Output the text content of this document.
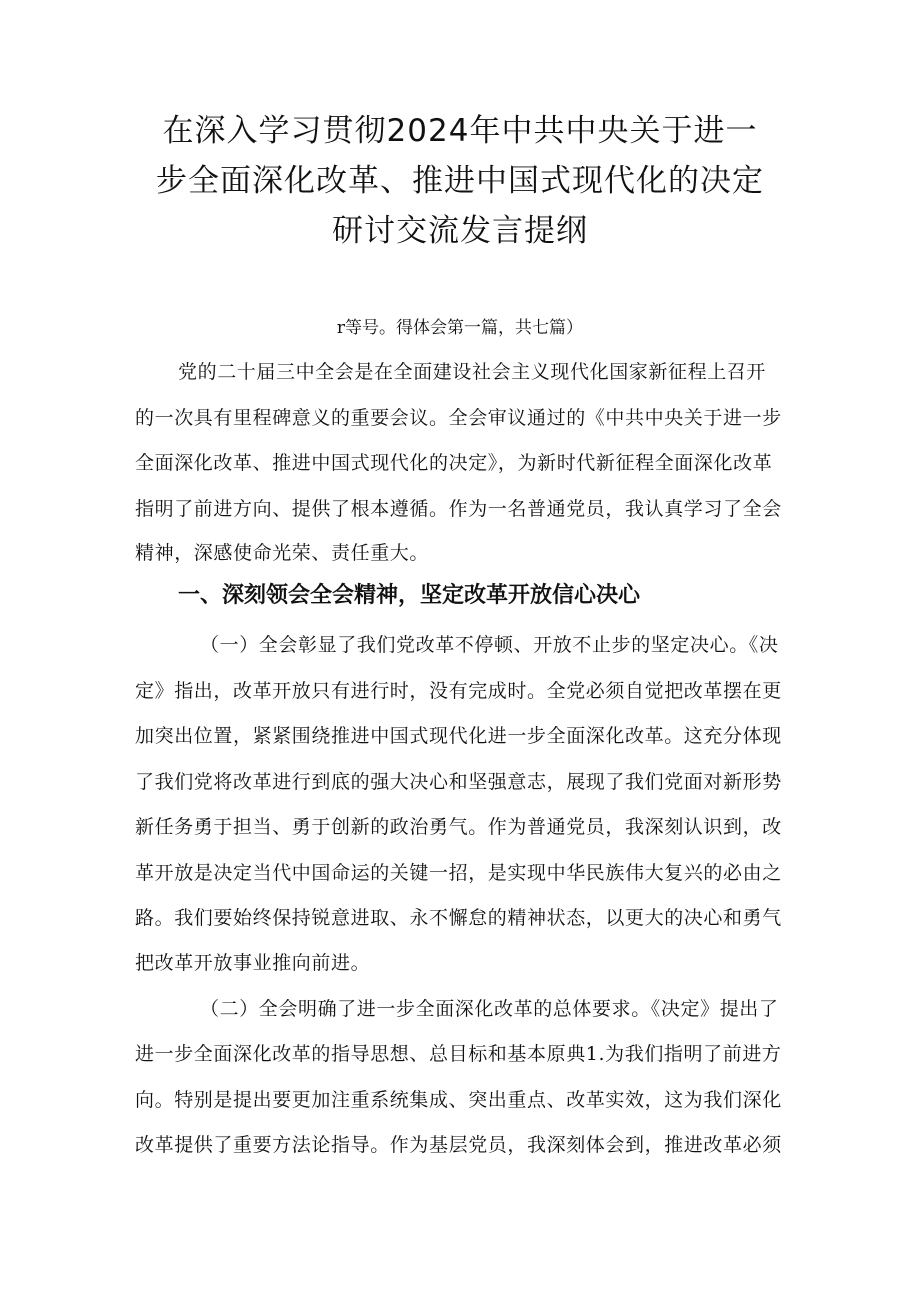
在深入学习贯彻2024年中共中央关于进一
步全面深化改革、推进中国式现代化的决定
研讨交流发言提纲
r等号。得体会第一篇，共七篇）
党的二十届三中全会是在全面建设社会主义现代化国家新征程上召开
的一次具有里程碑意义的重要会议。全会审议通过的《中共中央关于进一步
全面深化改革、推进中国式现代化的决定》，为新时代新征程全面深化改革
指明了前进方向、提供了根本遵循。作为一名普通党员，我认真学习了全会
精神，深感使命光荣、责任重大。
一、深刻领会全会精神，坚定改革开放信心决心
（一）全会彰显了我们党改革不停顿、开放不止步的坚定决心。《决
定》指出，改革开放只有进行时，没有完成时。全党必须自觉把改革摆在更
加突出位置，紧紧围绕推进中国式现代化进一步全面深化改革。这充分体现
了我们党将改革进行到底的强大决心和坚强意志，展现了我们党面对新形势
新任务勇于担当、勇于创新的政治勇气。作为普通党员，我深刻认识到，改
革开放是决定当代中国命运的关键一招，是实现中华民族伟大复兴的必由之
路。我们要始终保持锐意进取、永不懈怠的精神状态，以更大的决心和勇气
把改革开放事业推向前进。
（二）全会明确了进一步全面深化改革的总体要求。《决定》提出了
进一步全面深化改革的指导思想、总目标和基本原典1.为我们指明了前进方
向。特别是提出要更加注重系统集成、突出重点、改革实效，这为我们深化
改革提供了重要方法论指导。作为基层党员，我深刻体会到，推进改革必须
